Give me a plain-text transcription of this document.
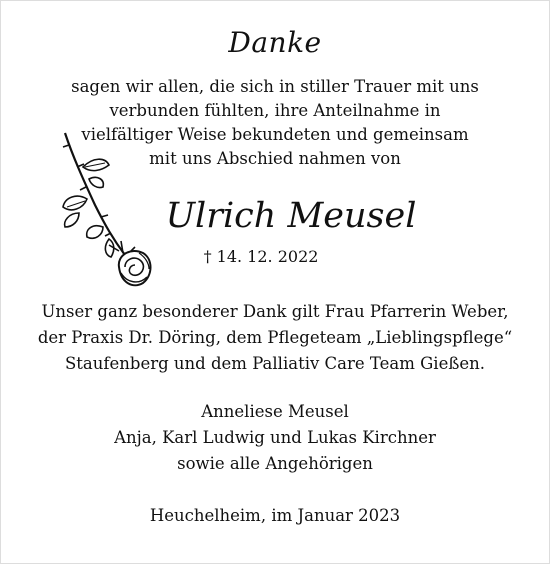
Danke
sagen wir allen, die sich in stiller Trauer mit uns
verbunden fühlten, ihre Anteilnahme in
vielfältiger Weise bekundeten und gemeinsam
mit uns Abschied nahmen von
Ulrich Meusel
† 14. 12. 2022
Unser ganz besonderer Dank gilt Frau Pfarrerin Weber,
der Praxis Dr. Döring, dem Pflegeteam „Lieblingspflege“
Staufenberg und dem Palliativ Care Team Gießen.
Anneliese Meusel
Anja, Karl Ludwig und Lukas Kirchner
sowie alle Angehörigen
Heuchelheim, im Januar 2023
